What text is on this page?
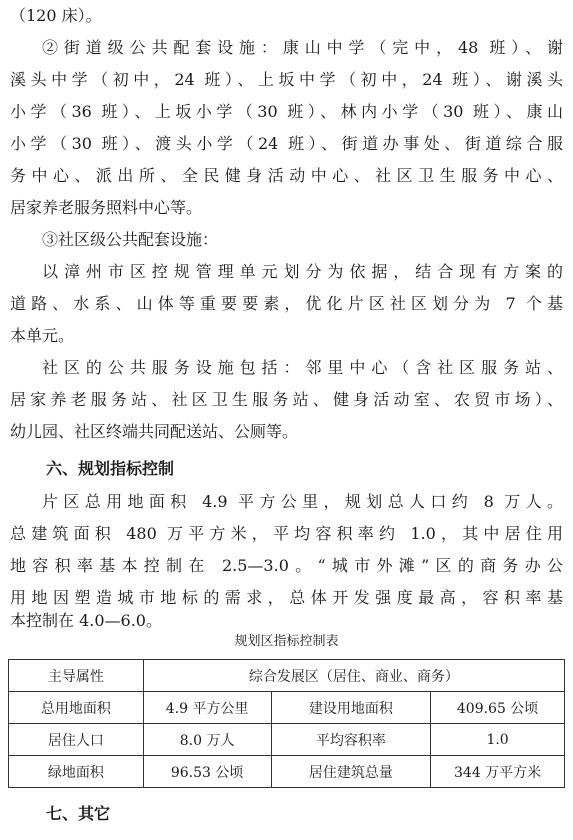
（120 床）。
②街道级公共配套设施：康山中学（完中，48 班）、谢
溪头中学（初中，24 班）、上坂中学（初中，24 班）、谢溪头
小学（36 班）、上坂小学（30 班）、林内小学（30 班）、康山
小学（30 班）、渡头小学（24 班）、街道办事处、街道综合服
务中心、派出所、全民健身活动中心、社区卫生服务中心、
居家养老服务照料中心等。
③社区级公共配套设施：
以漳州市区控规管理单元划分为依据，结合现有方案的
道路、水系、山体等重要要素，优化片区社区划分为 7 个基
本单元。
社区的公共服务设施包括：邻里中心（含社区服务站、
居家养老服务站、社区卫生服务站、健身活动室、农贸市场）、
幼儿园、社区终端共同配送站、公厕等。
六、规划指标控制
片区总用地面积 4.9 平方公里，规划总人口约 8 万人。
总建筑面积 480 万平方米，平均容积率约 1.0，其中居住用
地容积率基本控制在 2.5—3.0。“城市外滩”区的商务办公
用地因塑造城市地标的需求，总体开发强度最高，容积率基
本控制在 4.0—6.0。
规划区指标控制表
主导属性	综合发展区（居住、商业、商务）		
总用地面积	4.9 平方公里	建设用地面积	409.65 公顷
居住人口	8.0 万人	平均容积率	1.0
绿地面积	96.53 公顷	居住建筑总量	344 万平方米
七、其它
